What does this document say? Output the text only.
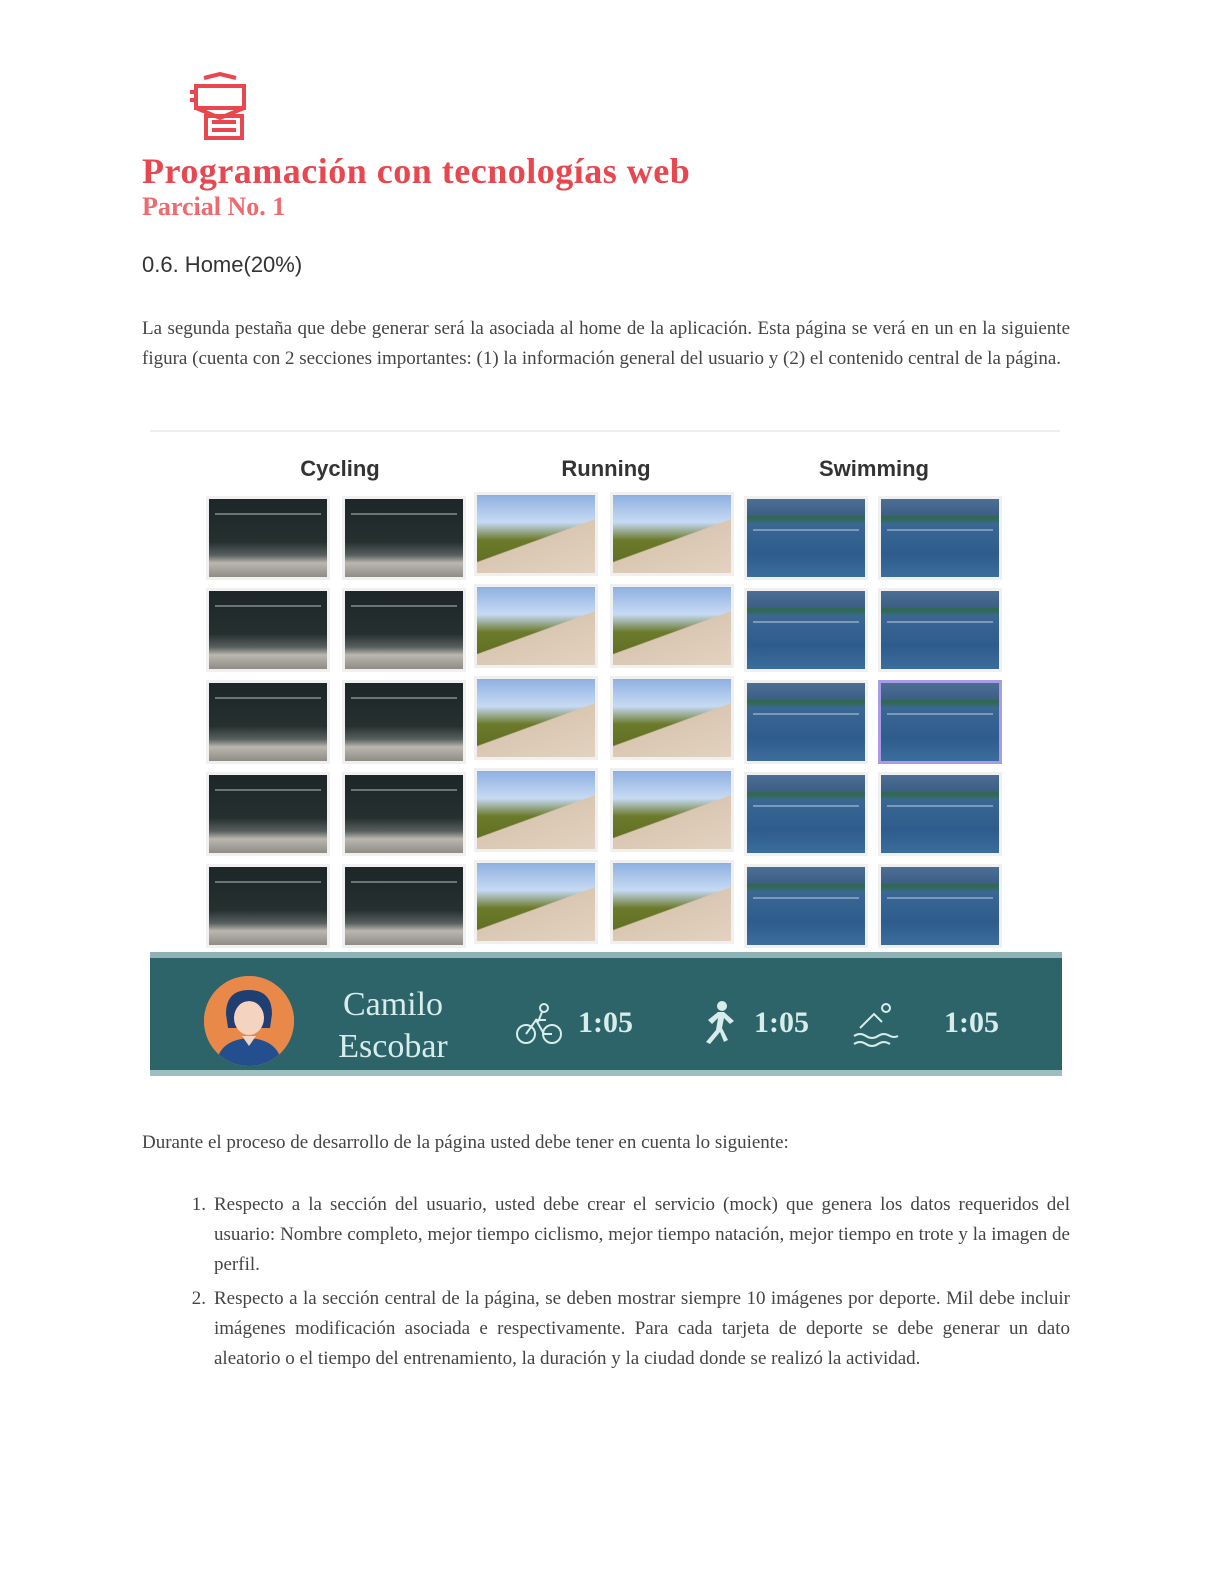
Programación con tecnologías web
Parcial No. 1
0.6. Home(20%)

La segunda pestaña que debe generar será la asociada al home de la aplicación. Esta página se verá en un en la siguiente figura (cuenta con 2 secciones importantes: (1) la información general del usuario y (2) el contenido central de la página.

Cycling	Running	Swimming
Camilo
Escobar
1:05	1:05	1:05

Durante el proceso de desarrollo de la página usted debe tener en cuenta lo siguiente:

1. Respecto a la sección del usuario, usted debe crear el servicio (mock) que genera los datos requeridos del usuario: Nombre completo, mejor tiempo ciclismo, mejor tiempo natación, mejor tiempo en trote y la imagen de perfil.
2. Respecto a la sección central de la página, se deben mostrar siempre 10 imágenes por deporte. Mil debe incluir imágenes modificación asociada e respectivamente. Para cada tarjeta de deporte se debe generar un dato aleatorio o el tiempo del entrenamiento, la duración y la ciudad donde se realizó la actividad.
